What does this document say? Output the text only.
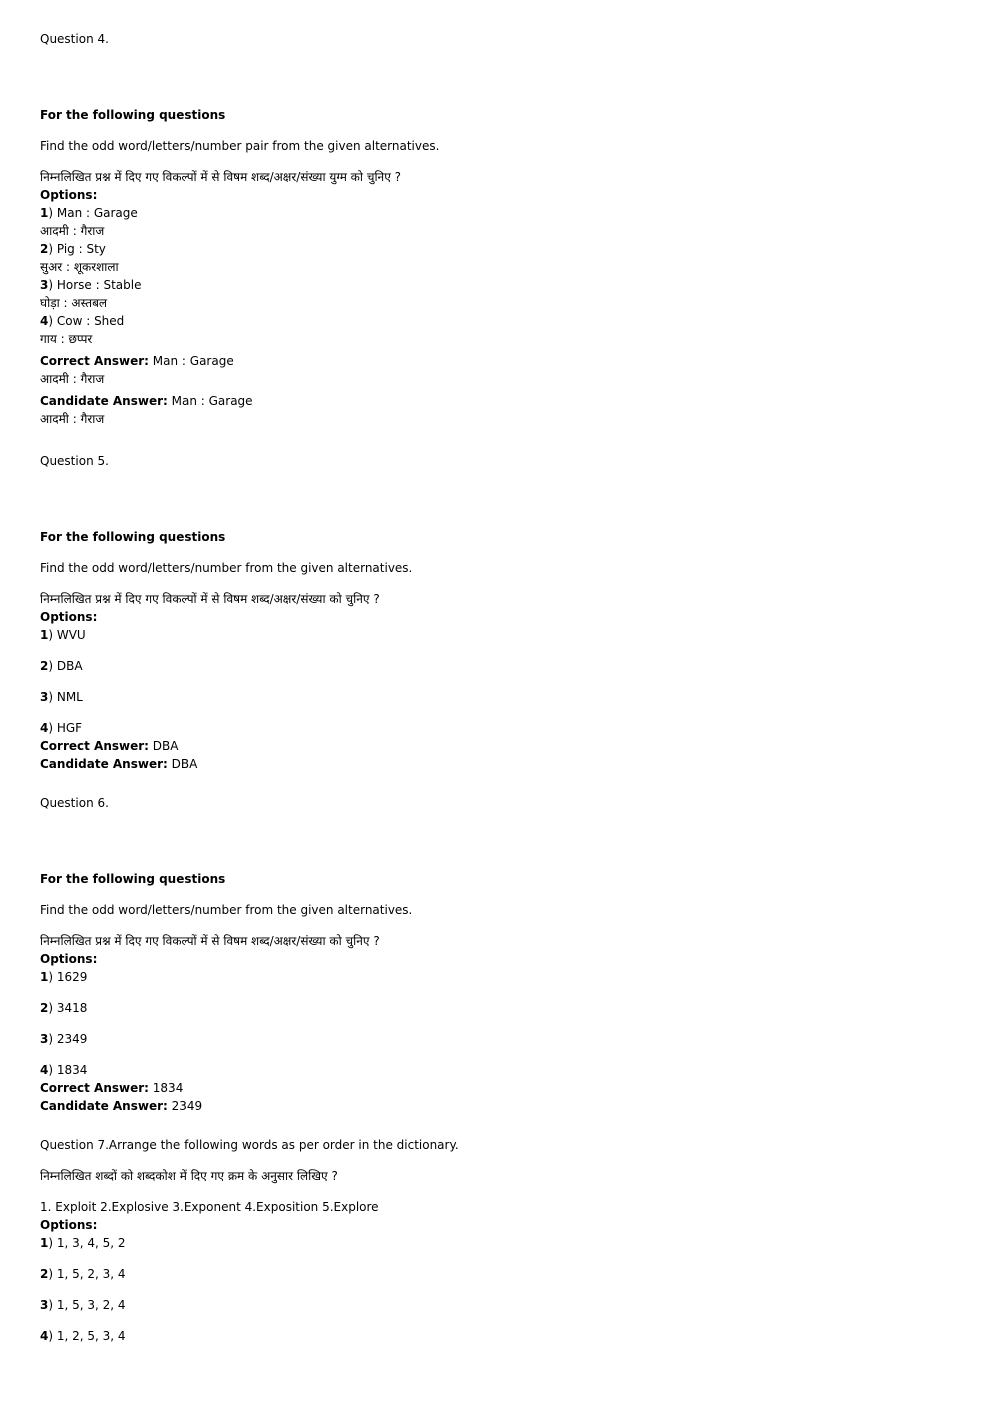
Question 4.
For the following questions
Find the odd word/letters/number pair from the given alternatives.
निम्नलिखित प्रश्न में दिए गए विकल्पों में से विषम शब्द/अक्षर/संख्या युग्म को चुनिए ?
Options:
1) Man : Garage
आदमी : गैराज
2) Pig : Sty
सुअर : शूकरशाला
3) Horse : Stable
घोड़ा : अस्तबल
4) Cow : Shed
गाय : छप्पर
Correct Answer: Man : Garage
आदमी : गैराज
Candidate Answer: Man : Garage
आदमी : गैराज
Question 5.
For the following questions
Find the odd word/letters/number from the given alternatives.
निम्नलिखित प्रश्न में दिए गए विकल्पों में से विषम शब्द/अक्षर/संख्या को चुनिए ?
Options:
1) WVU
2) DBA
3) NML
4) HGF
Correct Answer: DBA
Candidate Answer: DBA
Question 6.
For the following questions
Find the odd word/letters/number from the given alternatives.
निम्नलिखित प्रश्न में दिए गए विकल्पों में से विषम शब्द/अक्षर/संख्या को चुनिए ?
Options:
1) 1629
2) 3418
3) 2349
4) 1834
Correct Answer: 1834
Candidate Answer: 2349
Question 7.Arrange the following words as per order in the dictionary.
निम्नलिखित शब्दों को शब्दकोश में दिए गए क्रम के अनुसार लिखिए ?
1. Exploit 2.Explosive 3.Exponent 4.Exposition 5.Explore
Options:
1) 1, 3, 4, 5, 2
2) 1, 5, 2, 3, 4
3) 1, 5, 3, 2, 4
4) 1, 2, 5, 3, 4
